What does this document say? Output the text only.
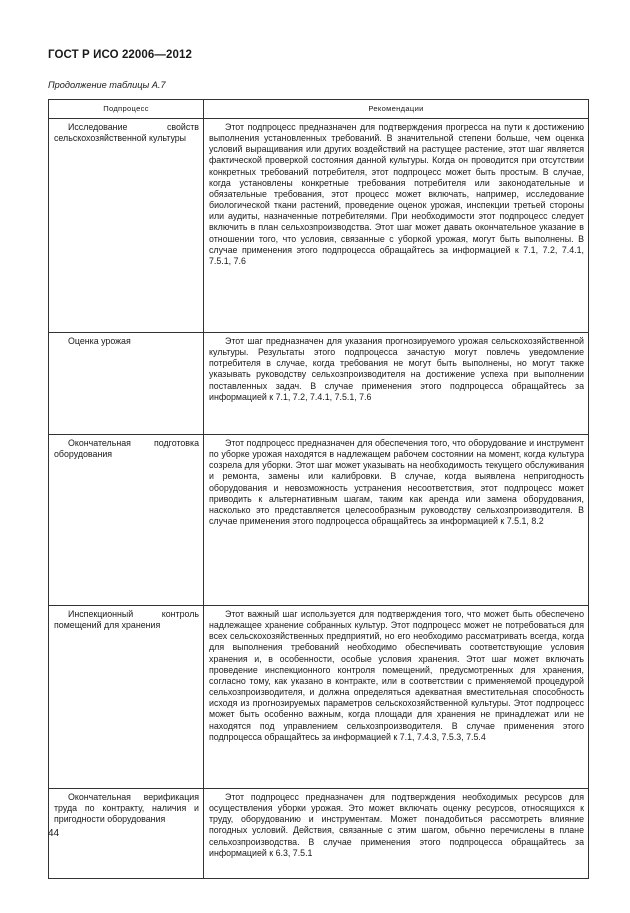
ГОСТ Р ИСО 22006—2012
Продолжение таблицы А.7
Подпроцесс	Рекомендации

Исследование свойств сельскохозяйственной культуры	Этот подпроцесс предназначен для подтверждения прогресса на пути к достижению выполнения установленных требований. В значительной степени больше, чем оценка условий выращивания или других воздействий на растущее растение, этот шаг является фактической проверкой состояния данной культуры. Когда он проводится при отсутствии конкретных требований потребителя, этот подпроцесс может быть простым. В случае, когда установлены конкретные требования потребителя или законодательные и обязательные требования, этот процесс может включать, например, исследование биологической ткани растений, проведение оценок урожая, инспекции третьей стороны или аудиты, назначенные потребителями. При необходимости этот подпроцесс следует включить в план сельхозпроизводства. Этот шаг может давать окончательное указание в отношении того, что условия, связанные с уборкой урожая, могут быть выполнены. В случае применения этого подпроцесса обращайтесь за информацией к 7.1, 7.2, 7.4.1, 7.5.1, 7.6

Оценка урожая	Этот шаг предназначен для указания прогнозируемого урожая сельскохозяйственной культуры. Результаты этого подпроцесса зачастую могут повлечь уведомление потребителя в случае, когда требования не могут быть выполнены, но могут также указывать руководству сельхозпроизводителя на достижение успеха при выполнении поставленных задач. В случае применения этого подпроцесса обращайтесь за информацией к 7.1, 7.2, 7.4.1, 7.5.1, 7.6

Окончательная подготовка оборудования	Этот подпроцесс предназначен для обеспечения того, что оборудование и инструмент по уборке урожая находятся в надлежащем рабочем состоянии на момент, когда культура созрела для уборки. Этот шаг может указывать на необходимость текущего обслуживания и ремонта, замены или калибровки. В случае, когда выявлена непригодность оборудования и невозможность устранения несоответствия, этот подпроцесс может приводить к альтернативным шагам, таким как аренда или замена оборудования, насколько это представляется целесообразным руководству сельхозпроизводителя. В случае применения этого подпроцесса обращайтесь за информацией к 7.5.1, 8.2

Инспекционный контроль помещений для хранения	Этот важный шаг используется для подтверждения того, что может быть обеспечено надлежащее хранение собранных культур. Этот подпроцесс может не потребоваться для всех сельскохозяйственных предприятий, но его необходимо рассматривать всегда, когда для выполнения требований необходимо обеспечивать соответствующие условия хранения и, в особенности, особые условия хранения. Этот шаг может включать проведение инспекционного контроля помещений, предусмотренных для хранения, согласно тому, как указано в контракте, или в соответствии с применяемой процедурой сельхозпроизводителя, и должна определяться адекватная вместительная способность исходя из прогнозируемых параметров сельскохозяйственной культуры. Этот подпроцесс может быть особенно важным, когда площади для хранения не принадлежат или не находятся под управлением сельхозпроизводителя. В случае применения этого подпроцесса обращайтесь за информацией к 7.1, 7.4.3, 7.5.3, 7.5.4

Окончательная верификация труда по контракту, наличия и пригодности оборудования	Этот подпроцесс предназначен для подтверждения необходимых ресурсов для осуществления уборки урожая. Это может включать оценку ресурсов, относящихся к труду, оборудованию и инструментам. Может понадобиться рассмотреть влияние погодных условий. Действия, связанные с этим шагом, обычно перечислены в плане сельхозпроизводства. В случае применения этого подпроцесса обращайтесь за информацией к 6.3, 7.5.1
44
